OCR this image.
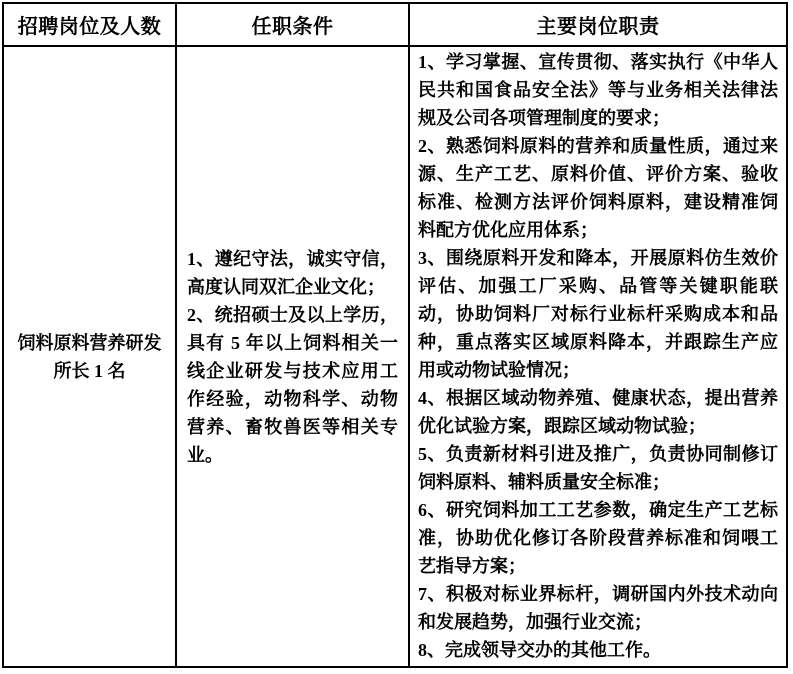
招聘岗位及人数	任职条件	主要岗位职责
饲料原料营养研发
所长 1 名
1、遵纪守法，诚实守信，
高度认同双汇企业文化；
2、统招硕士及以上学历，
具有 5 年以上饲料相关一
线企业研发与技术应用工
作经验，动物科学、动物
营养、畜牧兽医等相关专
业。
1、学习掌握、宣传贯彻、落实执行《中华人
民共和国食品安全法》等与业务相关法律法
规及公司各项管理制度的要求；
2、熟悉饲料原料的营养和质量性质，通过来
源、生产工艺、原料价值、评价方案、验收
标准、检测方法评价饲料原料，建设精准饲
料配方优化应用体系；
3、围绕原料开发和降本，开展原料仿生效价
评估、加强工厂采购、品管等关键职能联
动，协助饲料厂对标行业标杆采购成本和品
种，重点落实区域原料降本，并跟踪生产应
用或动物试验情况；
4、根据区域动物养殖、健康状态，提出营养
优化试验方案，跟踪区域动物试验；
5、负责新材料引进及推广，负责协同制修订
饲料原料、辅料质量安全标准；
6、研究饲料加工工艺参数，确定生产工艺标
准，协助优化修订各阶段营养标准和饲喂工
艺指导方案；
7、积极对标业界标杆，调研国内外技术动向
和发展趋势，加强行业交流；
8、完成领导交办的其他工作。
